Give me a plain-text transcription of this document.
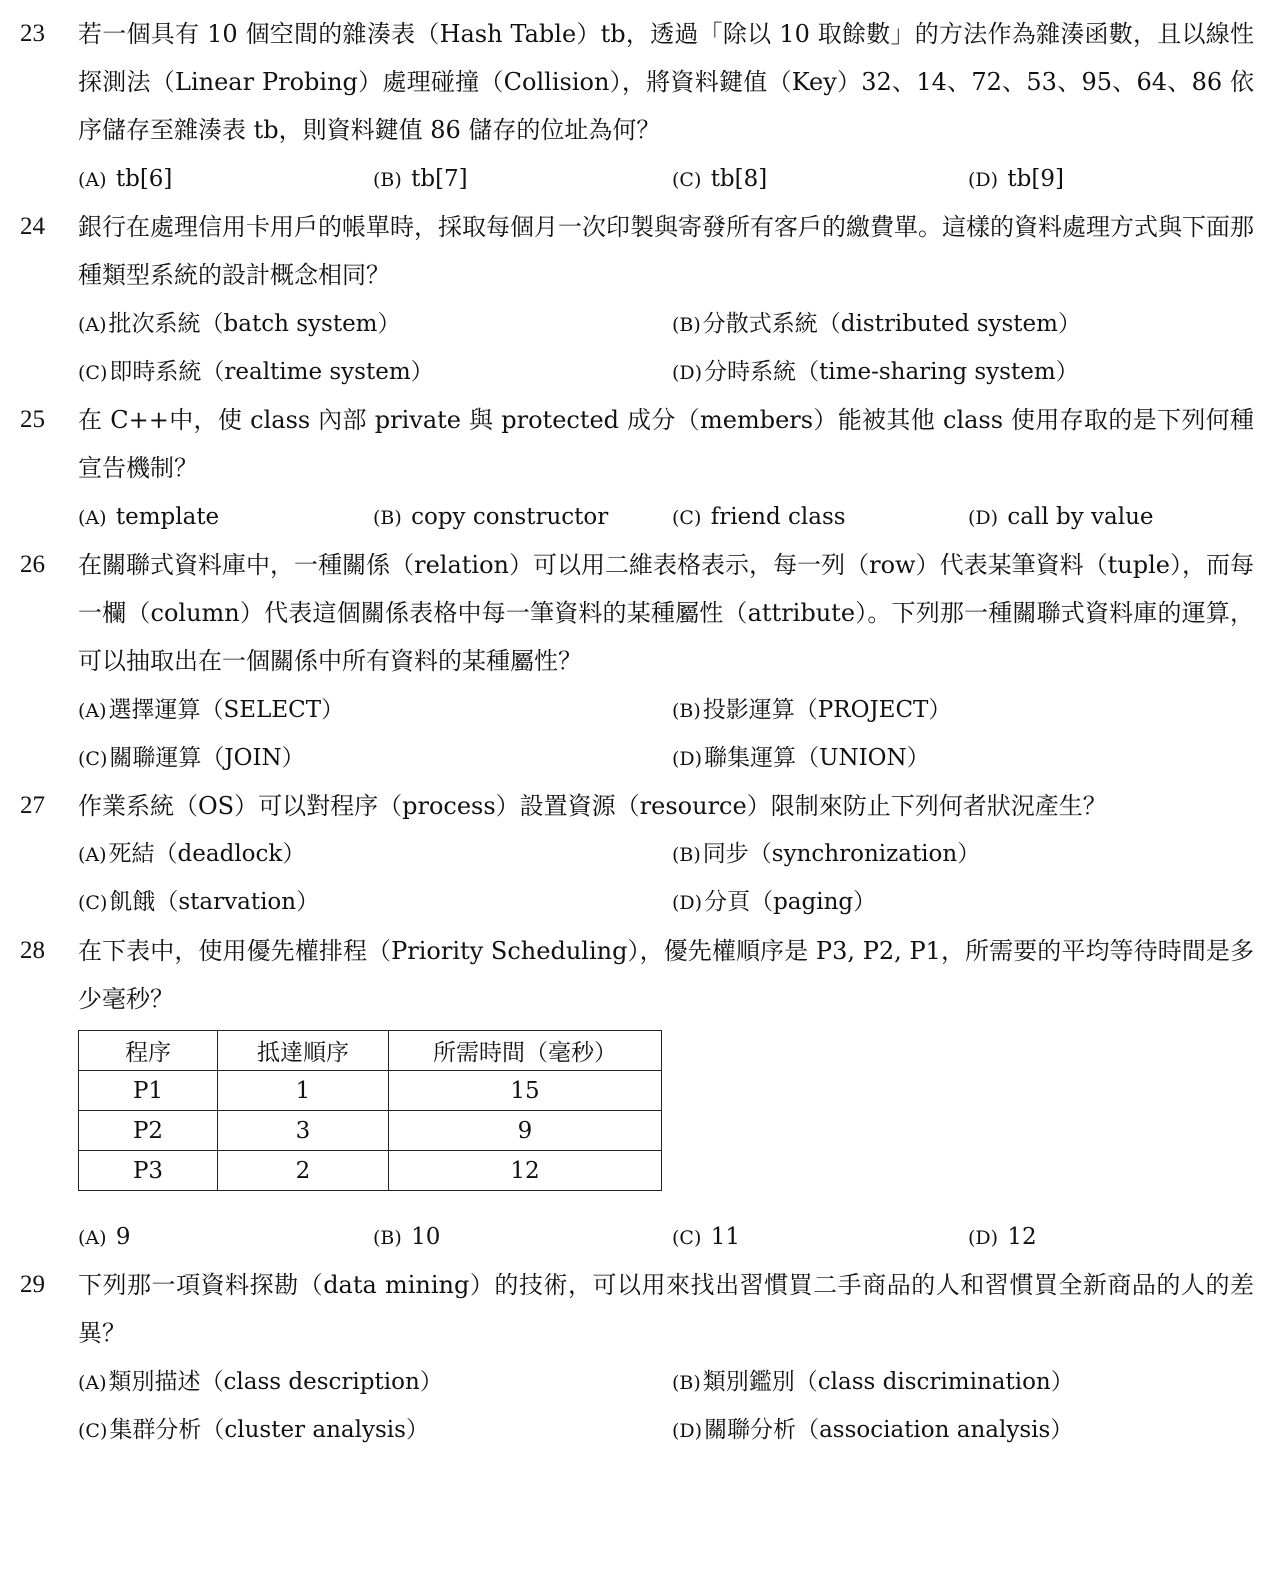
23 若一個具有 10 個空間的雜湊表（Hash Table）tb，透過「除以 10 取餘數」的方法作為雜湊函數，且以線性探測法（Linear Probing）處理碰撞（Collision），將資料鍵值（Key）32、14、72、53、95、64、86 依序儲存至雜湊表 tb，則資料鍵值 86 儲存的位址為何？
(A) tb[6]	(B) tb[7]	(C) tb[8]	(D) tb[9]
24 銀行在處理信用卡用戶的帳單時，採取每個月一次印製與寄發所有客戶的繳費單。這樣的資料處理方式與下面那種類型系統的設計概念相同？
(A)批次系統（batch system）	(B)分散式系統（distributed system）
(C)即時系統（realtime system）	(D)分時系統（time-sharing system）
25 在 C++中，使 class 內部 private 與 protected 成分（members）能被其他 class 使用存取的是下列何種宣告機制？
(A) template	(B) copy constructor	(C) friend class	(D) call by value
26 在關聯式資料庫中，一種關係（relation）可以用二維表格表示，每一列（row）代表某筆資料（tuple），而每一欄（column）代表這個關係表格中每一筆資料的某種屬性（attribute）。下列那一種關聯式資料庫的運算，可以抽取出在一個關係中所有資料的某種屬性？
(A)選擇運算（SELECT）	(B)投影運算（PROJECT）
(C)關聯運算（JOIN）	(D)聯集運算（UNION）
27 作業系統（OS）可以對程序（process）設置資源（resource）限制來防止下列何者狀況產生？
(A)死結（deadlock）	(B)同步（synchronization）
(C)飢餓（starvation）	(D)分頁（paging）
28 在下表中，使用優先權排程（Priority Scheduling），優先權順序是 P3, P2, P1，所需要的平均等待時間是多少毫秒？
程序	抵達順序	所需時間（毫秒）
P1	1	15
P2	3	9
P3	2	12
(A) 9	(B) 10	(C) 11	(D) 12
29 下列那一項資料探勘（data mining）的技術，可以用來找出習慣買二手商品的人和習慣買全新商品的人的差異？
(A)類別描述（class description）	(B)類別鑑別（class discrimination）
(C)集群分析（cluster analysis）	(D)關聯分析（association analysis）
